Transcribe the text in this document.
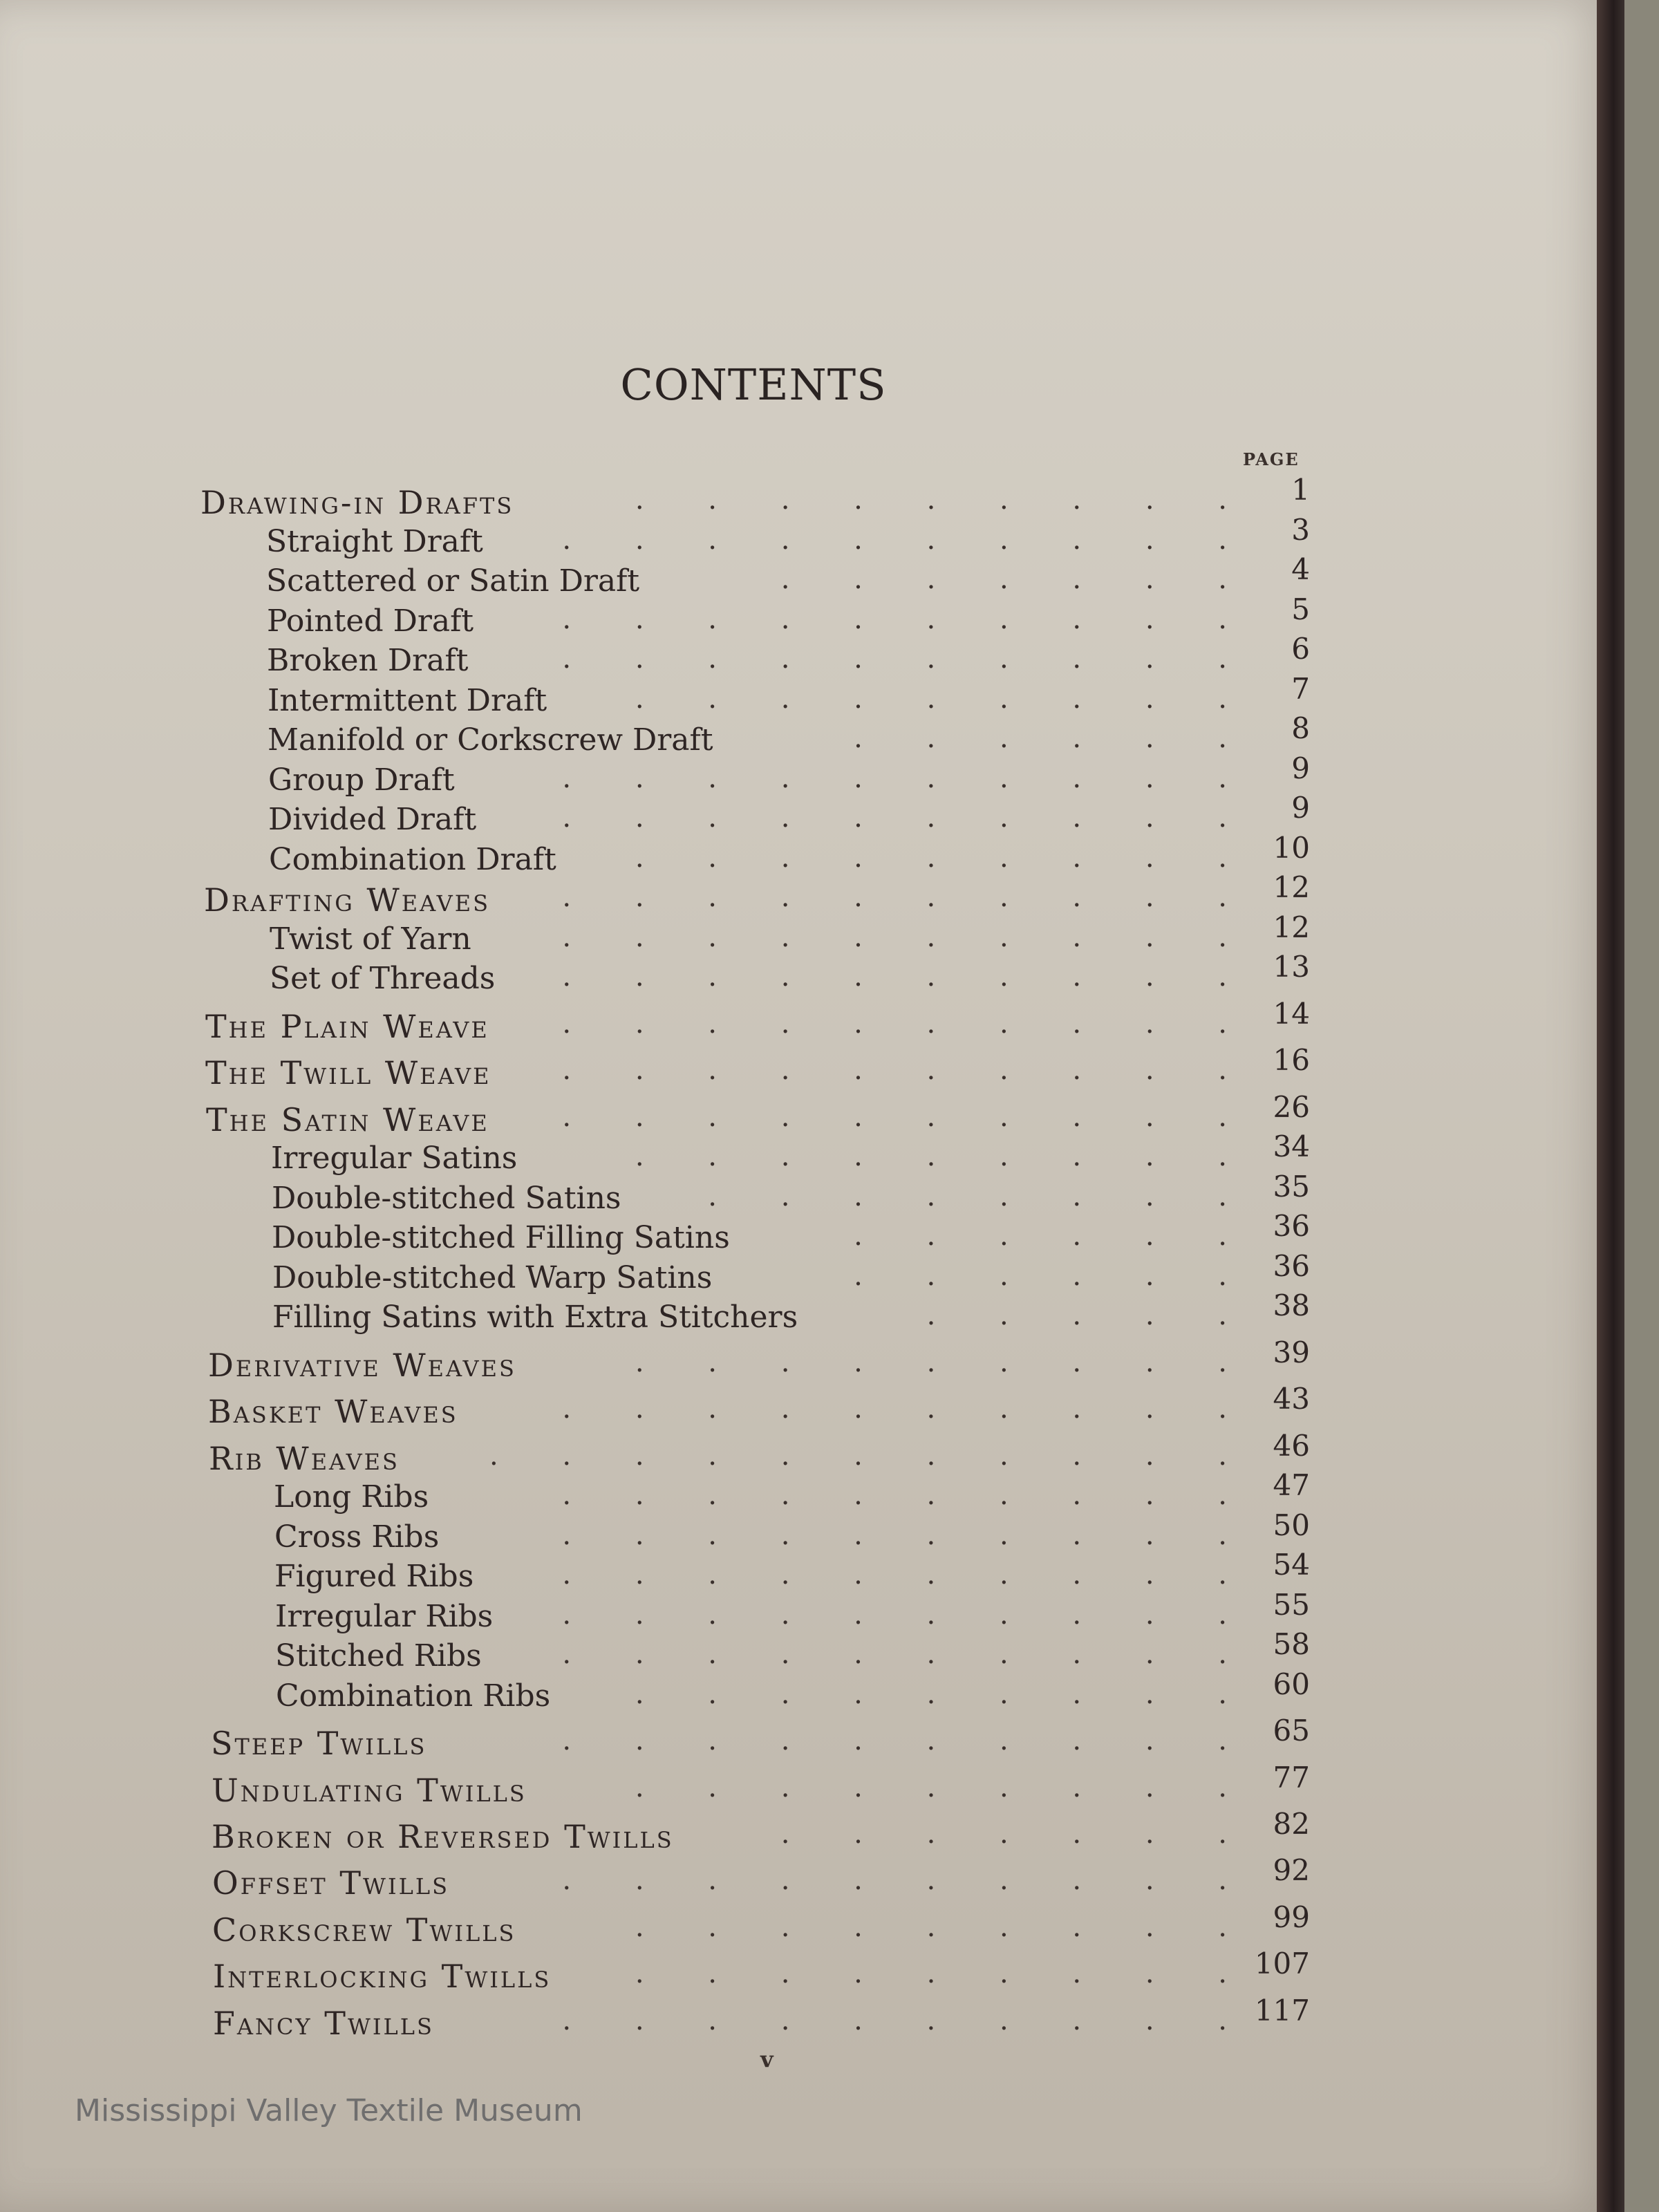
CONTENTS
PAGE
Drawing-in Drafts	.   .   .   .   .   .   .   .   .	1
Straight Draft	.   .   .   .   .   .   .   .   .   .	3
Scattered or Satin Draft	.   .   .   .   .   .   .	4
Pointed Draft	.   .   .   .   .   .   .   .   .   .	5
Broken Draft	.   .   .   .   .   .   .   .   .   .	6
Intermittent Draft	.   .   .   .   .   .   .   .   .	7
Manifold or Corkscrew Draft	.   .   .   .   .   .	8
Group Draft	.   .   .   .   .   .   .   .   .   .	9
Divided Draft	.   .   .   .   .   .   .   .   .   .	9
Combination Draft	.   .   .   .   .   .   .   .   .	10
Drafting Weaves	.   .   .   .   .   .   .   .   .   .	12
Twist of Yarn	.   .   .   .   .   .   .   .   .   .	12
Set of Threads	.   .   .   .   .   .   .   .   .   .	13
The Plain Weave	.   .   .   .   .   .   .   .   .   .	14
The Twill Weave	.   .   .   .   .   .   .   .   .   .	16
The Satin Weave	.   .   .   .   .   .   .   .   .   .	26
Irregular Satins	.   .   .   .   .   .   .   .   .	34
Double-stitched Satins	.   .   .   .   .   .   .   .	35
Double-stitched Filling Satins	.   .   .   .   .   .	36
Double-stitched Warp Satins	.   .   .   .   .   .	36
Filling Satins with Extra Stitchers	.   .   .   .   .	38
Derivative Weaves	.   .   .   .   .   .   .   .   .	39
Basket Weaves	.   .   .   .   .   .   .   .   .   .	43
Rib Weaves	.   .   .   .   .   .   .   .   .   .   .	46
Long Ribs	.   .   .   .   .   .   .   .   .   .	47
Cross Ribs	.   .   .   .   .   .   .   .   .   .	50
Figured Ribs	.   .   .   .   .   .   .   .   .   .	54
Irregular Ribs	.   .   .   .   .   .   .   .   .   .	55
Stitched Ribs	.   .   .   .   .   .   .   .   .   .	58
Combination Ribs	.   .   .   .   .   .   .   .   .	60
Steep Twills	.   .   .   .   .   .   .   .   .   .	65
Undulating Twills	.   .   .   .   .   .   .   .   .	77
Broken or Reversed Twills	.   .   .   .   .   .   .	82
Offset Twills	.   .   .   .   .   .   .   .   .   .	92
Corkscrew Twills	.   .   .   .   .   .   .   .   .	99
Interlocking Twills	.   .   .   .   .   .   .   .   . 107
Fancy Twills	.   .   .   .   .   .   .   .   .   . 117
v
Mississippi Valley Textile Museum
